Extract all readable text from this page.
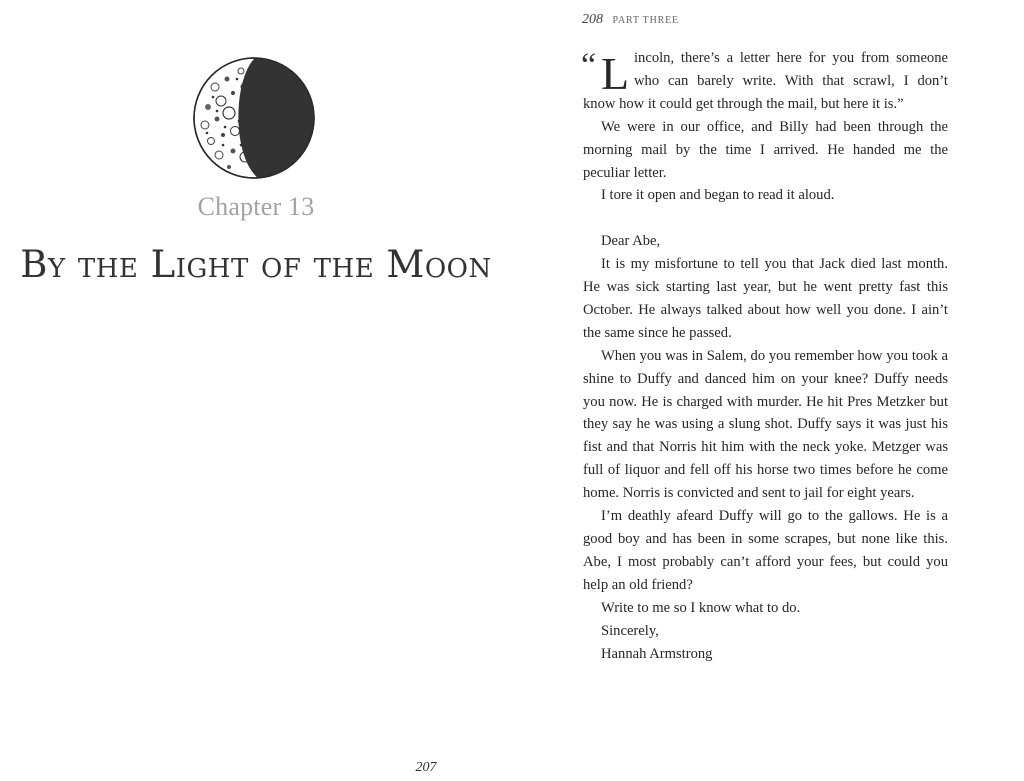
Chapter 13
By the Light of the Moon
207
208 PART THREE
“ L incoln, there’s a letter here for you from someone
who can barely write. With that scrawl, I don’t
know how it could get through the mail, but here it is.”

We were in our office, and Billy had been through the morning mail by the time I arrived. He handed me the peculiar letter.

I tore it open and began to read it aloud.

Dear Abe,

It is my misfortune to tell you that Jack died last month. He was sick starting last year, but he went pretty fast this October. He always talked about how well you done. I ain’t the same since he passed.

When you was in Salem, do you remember how you took a shine to Duffy and danced him on your knee? Duffy needs you now. He is charged with murder. He hit Pres Metzker but they say he was using a slung shot. Duffy says it was just his fist and that Norris hit him with the neck yoke. Metzger was full of liquor and fell off his horse two times before he come home. Norris is convicted and sent to jail for eight years.

I’m deathly afeard Duffy will go to the gallows. He is a good boy and has been in some scrapes, but none like this. Abe, I most probably can’t afford your fees, but could you help an old friend?

Write to me so I know what to do.

Sincerely,

Hannah Armstrong
